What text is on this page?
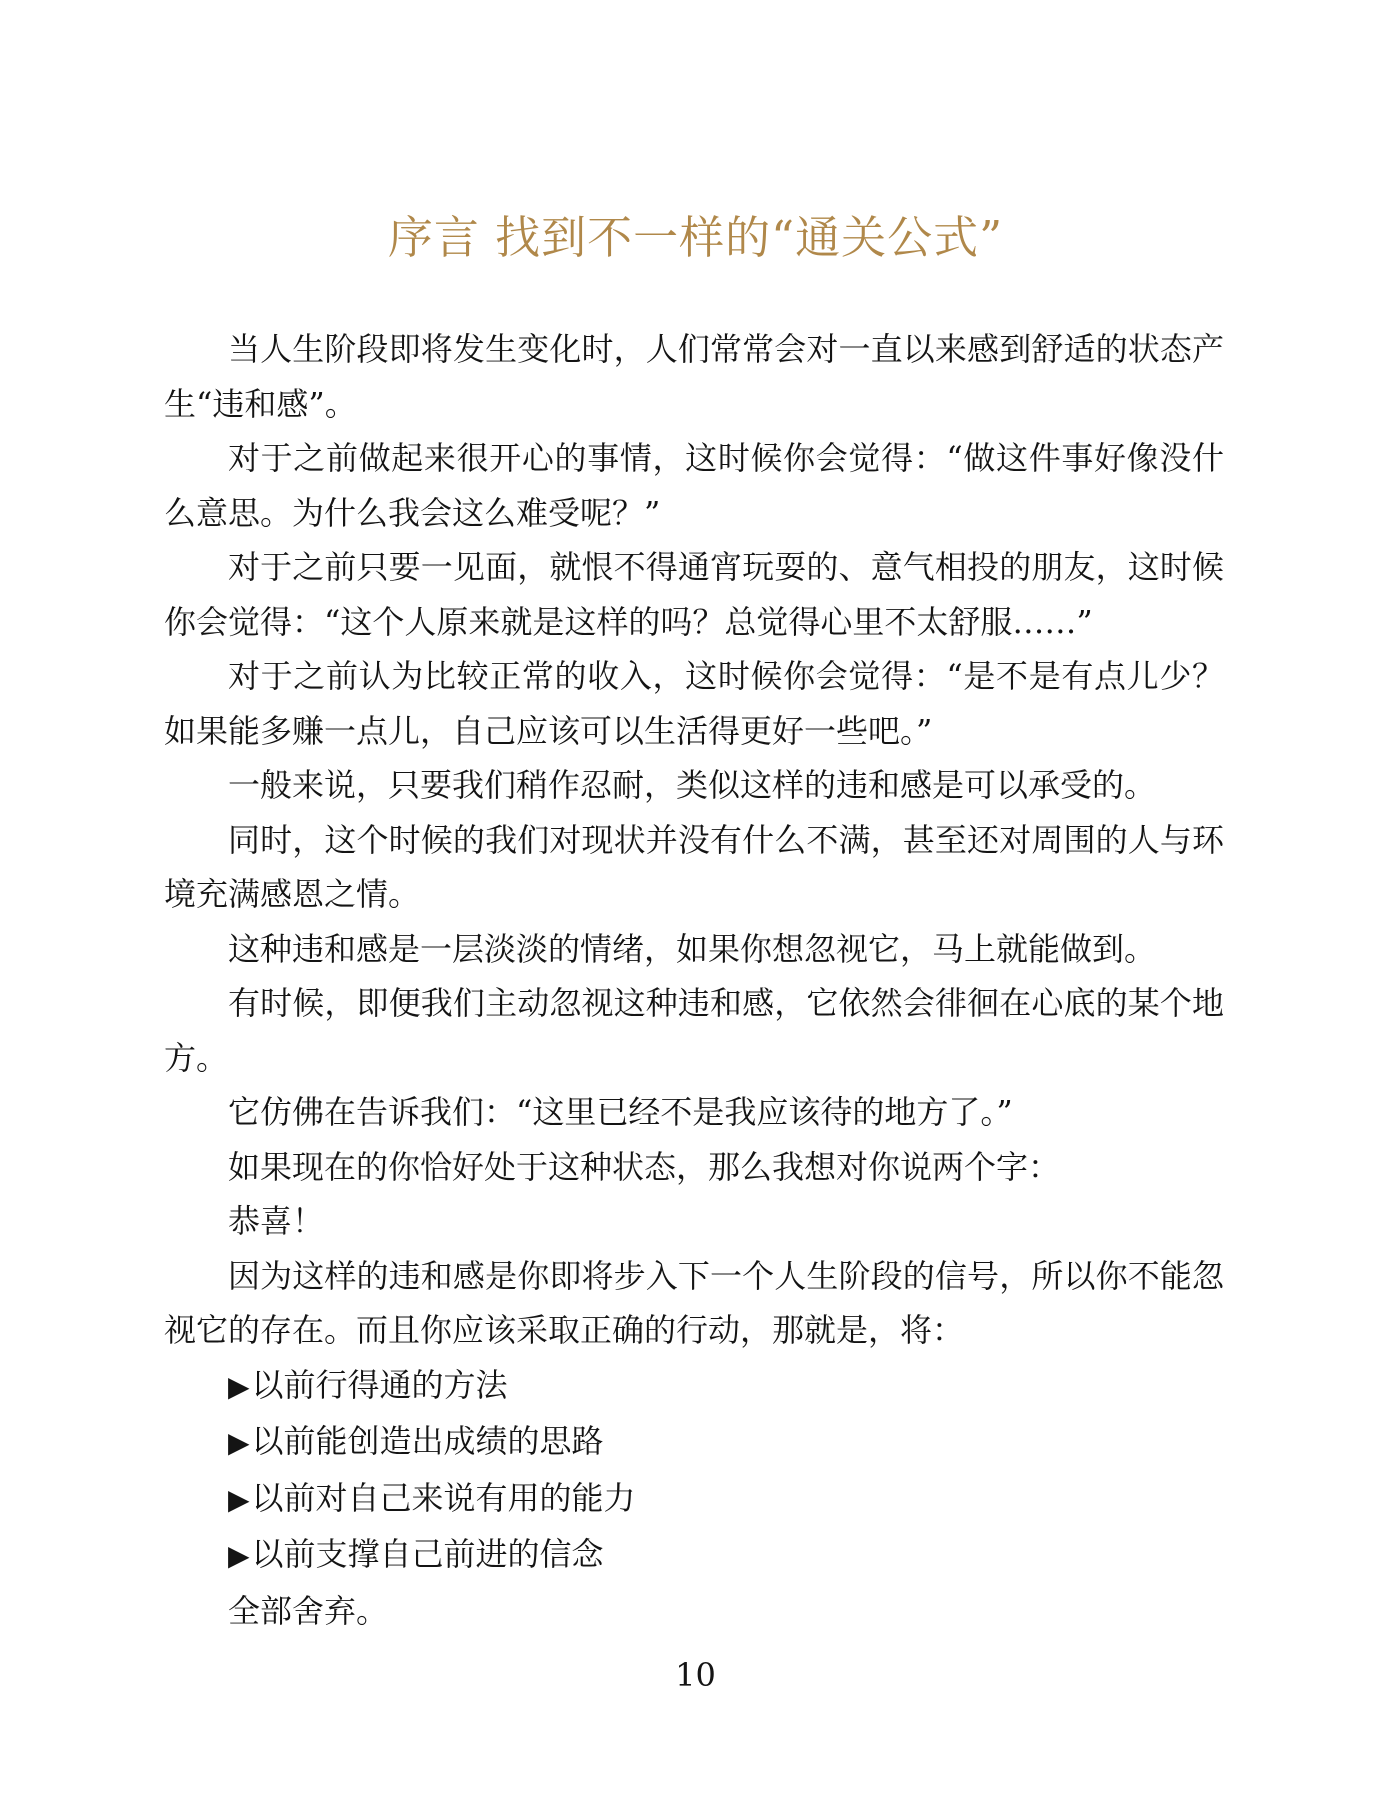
序言 找到不一样的“通关公式”

当人生阶段即将发生变化时，人们常常会对一直以来感到舒适的状态产生“违和感”。

对于之前做起来很开心的事情，这时候你会觉得：“做这件事好像没什么意思。为什么我会这么难受呢？”

对于之前只要一见面，就恨不得通宵玩耍的、意气相投的朋友，这时候你会觉得：“这个人原来就是这样的吗？总觉得心里不太舒服……”

对于之前认为比较正常的收入，这时候你会觉得：“是不是有点儿少？如果能多赚一点儿，自己应该可以生活得更好一些吧。”

一般来说，只要我们稍作忍耐，类似这样的违和感是可以承受的。

同时，这个时候的我们对现状并没有什么不满，甚至还对周围的人与环境充满感恩之情。

这种违和感是一层淡淡的情绪，如果你想忽视它，马上就能做到。

有时候，即便我们主动忽视这种违和感，它依然会徘徊在心底的某个地方。

它仿佛在告诉我们：“这里已经不是我应该待的地方了。”

如果现在的你恰好处于这种状态，那么我想对你说两个字：

恭喜！

因为这样的违和感是你即将步入下一个人生阶段的信号，所以你不能忽视它的存在。而且你应该采取正确的行动，那就是，将：

▶以前行得通的方法

▶以前能创造出成绩的思路

▶以前对自己来说有用的能力

▶以前支撑自己前进的信念

全部舍弃。

10
